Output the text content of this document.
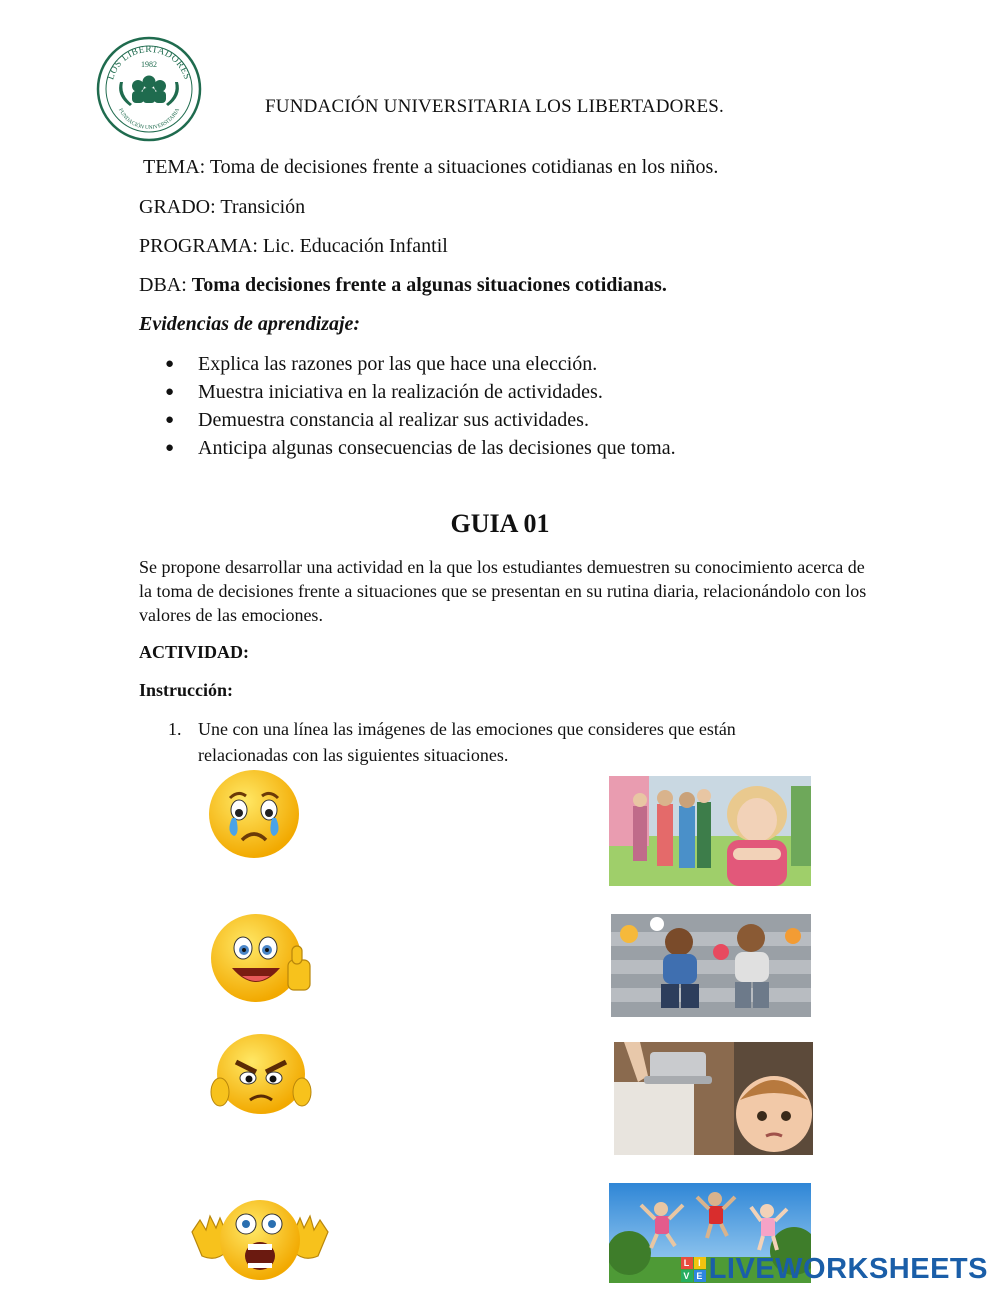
LOS LIBERTADORES
1982
FUNDACIÓN UNIVERSITARIA	FUNDACIÓN UNIVERSITARIA LOS LIBERTADORES.
TEMA: Toma de decisiones frente a situaciones cotidianas en los niños.
GRADO: Transición
PROGRAMA: Lic. Educación Infantil
DBA: Toma decisiones frente a algunas situaciones cotidianas.
Evidencias de aprendizaje:
● Explica las razones por las que hace una elección.
● Muestra iniciativa en la realización de actividades.
● Demuestra constancia al realizar sus actividades.
● Anticipa algunas consecuencias de las decisiones que toma.
GUIA 01
Se propone desarrollar una actividad en la que los estudiantes demuestren su conocimiento acerca de la toma de decisiones frente a situaciones que se presentan en su rutina diaria, relacionándolo con los valores de las emociones.
ACTIVIDAD:
Instrucción:
1. Une con una línea las imágenes de las emociones que consideres que están relacionadas con las siguientes situaciones.
L I
V E LIVEWORKSHEETS
